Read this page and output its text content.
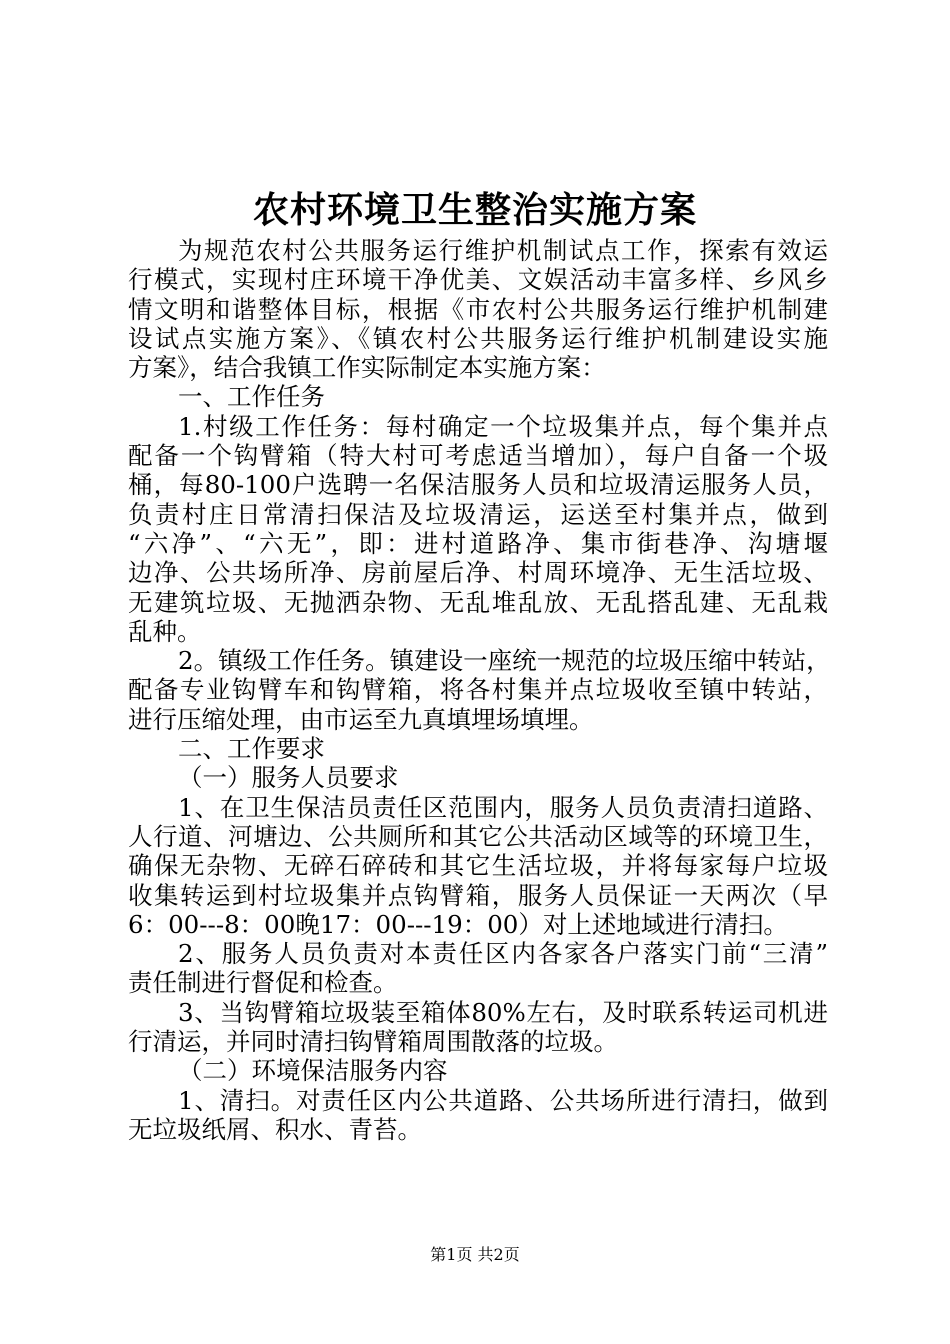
农村环境卫生整治实施方案
为规范农村公共服务运行维护机制试点工作，探索有效运
行模式，实现村庄环境干净优美、文娱活动丰富多样、乡风乡
情文明和谐整体目标，根据《市农村公共服务运行维护机制建
设试点实施方案》、《镇农村公共服务运行维护机制建设实施
方案》，结合我镇工作实际制定本实施方案：
一、工作任务
1.村级工作任务：每村确定一个垃圾集并点，每个集并点
配备一个钩臂箱（特大村可考虑适当增加），每户自备一个圾
桶，每80-100户选聘一名保洁服务人员和垃圾清运服务人员，
负责村庄日常清扫保洁及垃圾清运，运送至村集并点，做到
“六净”、“六无”，即：进村道路净、集市街巷净、沟塘堰
边净、公共场所净、房前屋后净、村周环境净、无生活垃圾、
无建筑垃圾、无抛洒杂物、无乱堆乱放、无乱搭乱建、无乱栽
乱种。
2。镇级工作任务。镇建设一座统一规范的垃圾压缩中转站，
配备专业钩臂车和钩臂箱，将各村集并点垃圾收至镇中转站，
进行压缩处理，由市运至九真填埋场填埋。
二、工作要求
（一）服务人员要求
1、在卫生保洁员责任区范围内，服务人员负责清扫道路、
人行道、河塘边、公共厕所和其它公共活动区域等的环境卫生，
确保无杂物、无碎石碎砖和其它生活垃圾，并将每家每户垃圾
收集转运到村垃圾集并点钩臂箱，服务人员保证一天两次（早
6：00---8：00晚17：00---19：00）对上述地域进行清扫。
2、服务人员负责对本责任区内各家各户落实门前“三清”
责任制进行督促和检查。
3、当钩臂箱垃圾装至箱体80%左右，及时联系转运司机进
行清运，并同时清扫钩臂箱周围散落的垃圾。
（二）环境保洁服务内容
1、清扫。对责任区内公共道路、公共场所进行清扫，做到
无垃圾纸屑、积水、青苔。
第1页 共2页
